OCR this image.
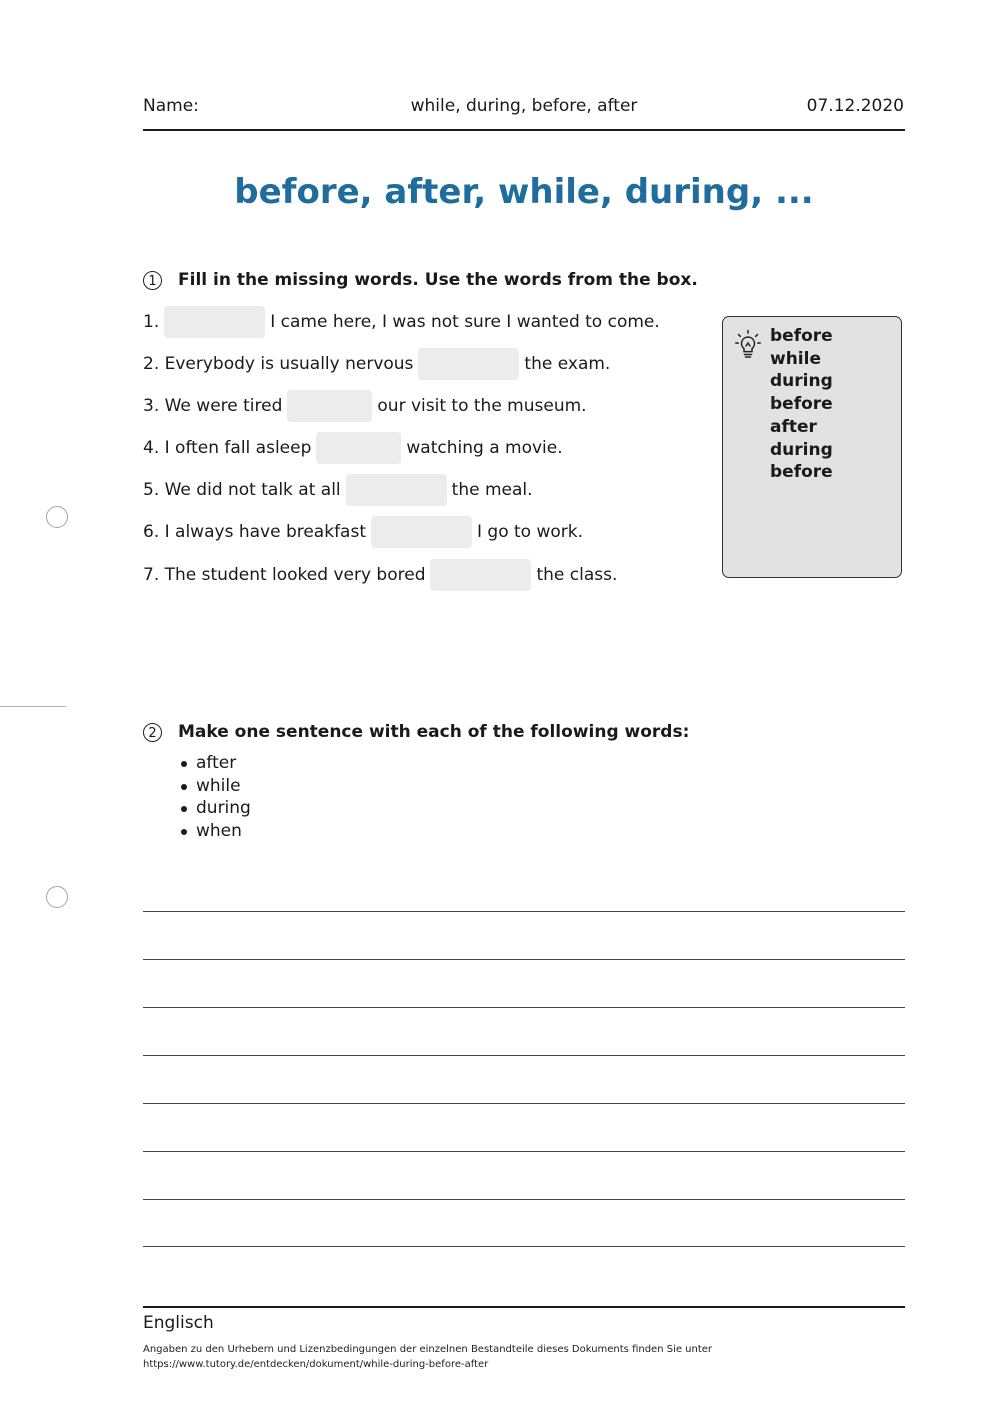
Name:	while, during, before, after	07.12.2020
before, after, while, during, ...
1	Fill in the missing words. Use the words from the box.
1.	I came here, I was not sure I wanted to come.
2. Everybody is usually nervous	the exam.
3. We were tired	our visit to the museum.
4. I often fall asleep	watching a movie.
5. We did not talk at all	the meal.
6. I always have breakfast	I go to work.
7. The student looked very bored	the class.
before
while
during
before
after
during
before
2	Make one sentence with each of the following words:
after
while
during
when
Englisch
Angaben zu den Urhebern und Lizenzbedingungen der einzelnen Bestandteile dieses Dokuments finden Sie unter
https://www.tutory.de/entdecken/dokument/while-during-before-after
